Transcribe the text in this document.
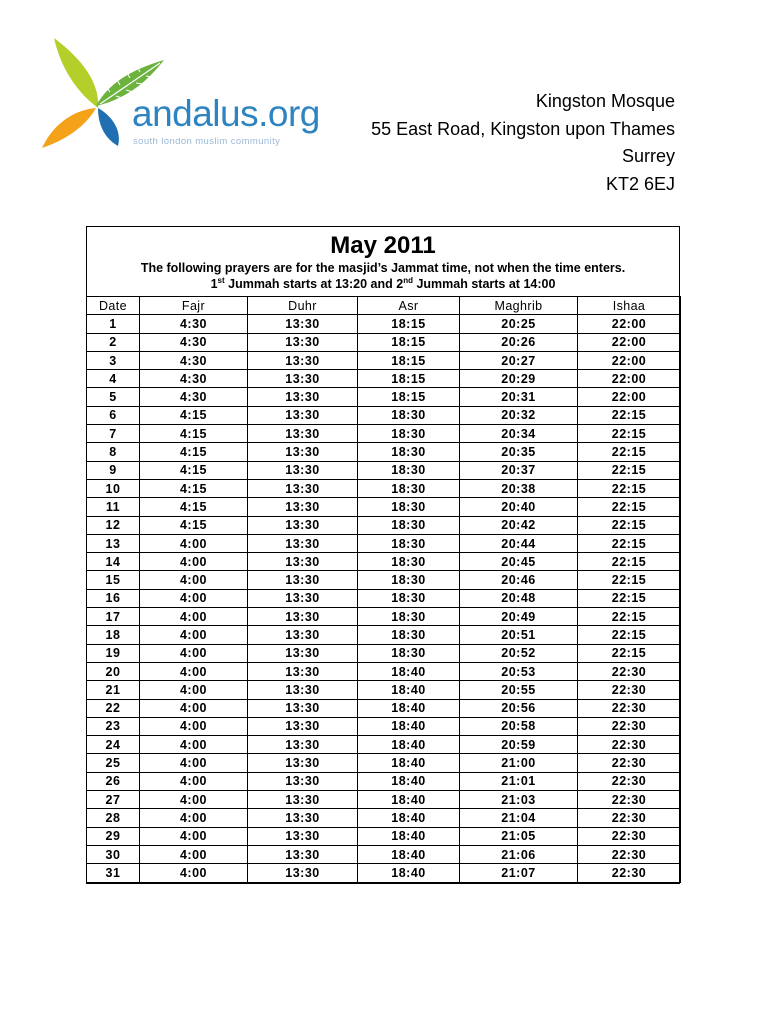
andalus.org
south london muslim community
Kingston Mosque
55 East Road, Kingston upon Thames
Surrey
KT2 6EJ
May 2011
The following prayers are for the masjid’s Jammat time, not when the time enters.
1st Jummah starts at 13:20 and 2nd Jummah starts at 14:00
Date	Fajr	Duhr	Asr	Maghrib	Ishaa
1	4:30	13:30	18:15	20:25	22:00
2	4:30	13:30	18:15	20:26	22:00
3	4:30	13:30	18:15	20:27	22:00
4	4:30	13:30	18:15	20:29	22:00
5	4:30	13:30	18:15	20:31	22:00
6	4:15	13:30	18:30	20:32	22:15
7	4:15	13:30	18:30	20:34	22:15
8	4:15	13:30	18:30	20:35	22:15
9	4:15	13:30	18:30	20:37	22:15
10	4:15	13:30	18:30	20:38	22:15
11	4:15	13:30	18:30	20:40	22:15
12	4:15	13:30	18:30	20:42	22:15
13	4:00	13:30	18:30	20:44	22:15
14	4:00	13:30	18:30	20:45	22:15
15	4:00	13:30	18:30	20:46	22:15
16	4:00	13:30	18:30	20:48	22:15
17	4:00	13:30	18:30	20:49	22:15
18	4:00	13:30	18:30	20:51	22:15
19	4:00	13:30	18:30	20:52	22:15
20	4:00	13:30	18:40	20:53	22:30
21	4:00	13:30	18:40	20:55	22:30
22	4:00	13:30	18:40	20:56	22:30
23	4:00	13:30	18:40	20:58	22:30
24	4:00	13:30	18:40	20:59	22:30
25	4:00	13:30	18:40	21:00	22:30
26	4:00	13:30	18:40	21:01	22:30
27	4:00	13:30	18:40	21:03	22:30
28	4:00	13:30	18:40	21:04	22:30
29	4:00	13:30	18:40	21:05	22:30
30	4:00	13:30	18:40	21:06	22:30
31	4:00	13:30	18:40	21:07	22:30
